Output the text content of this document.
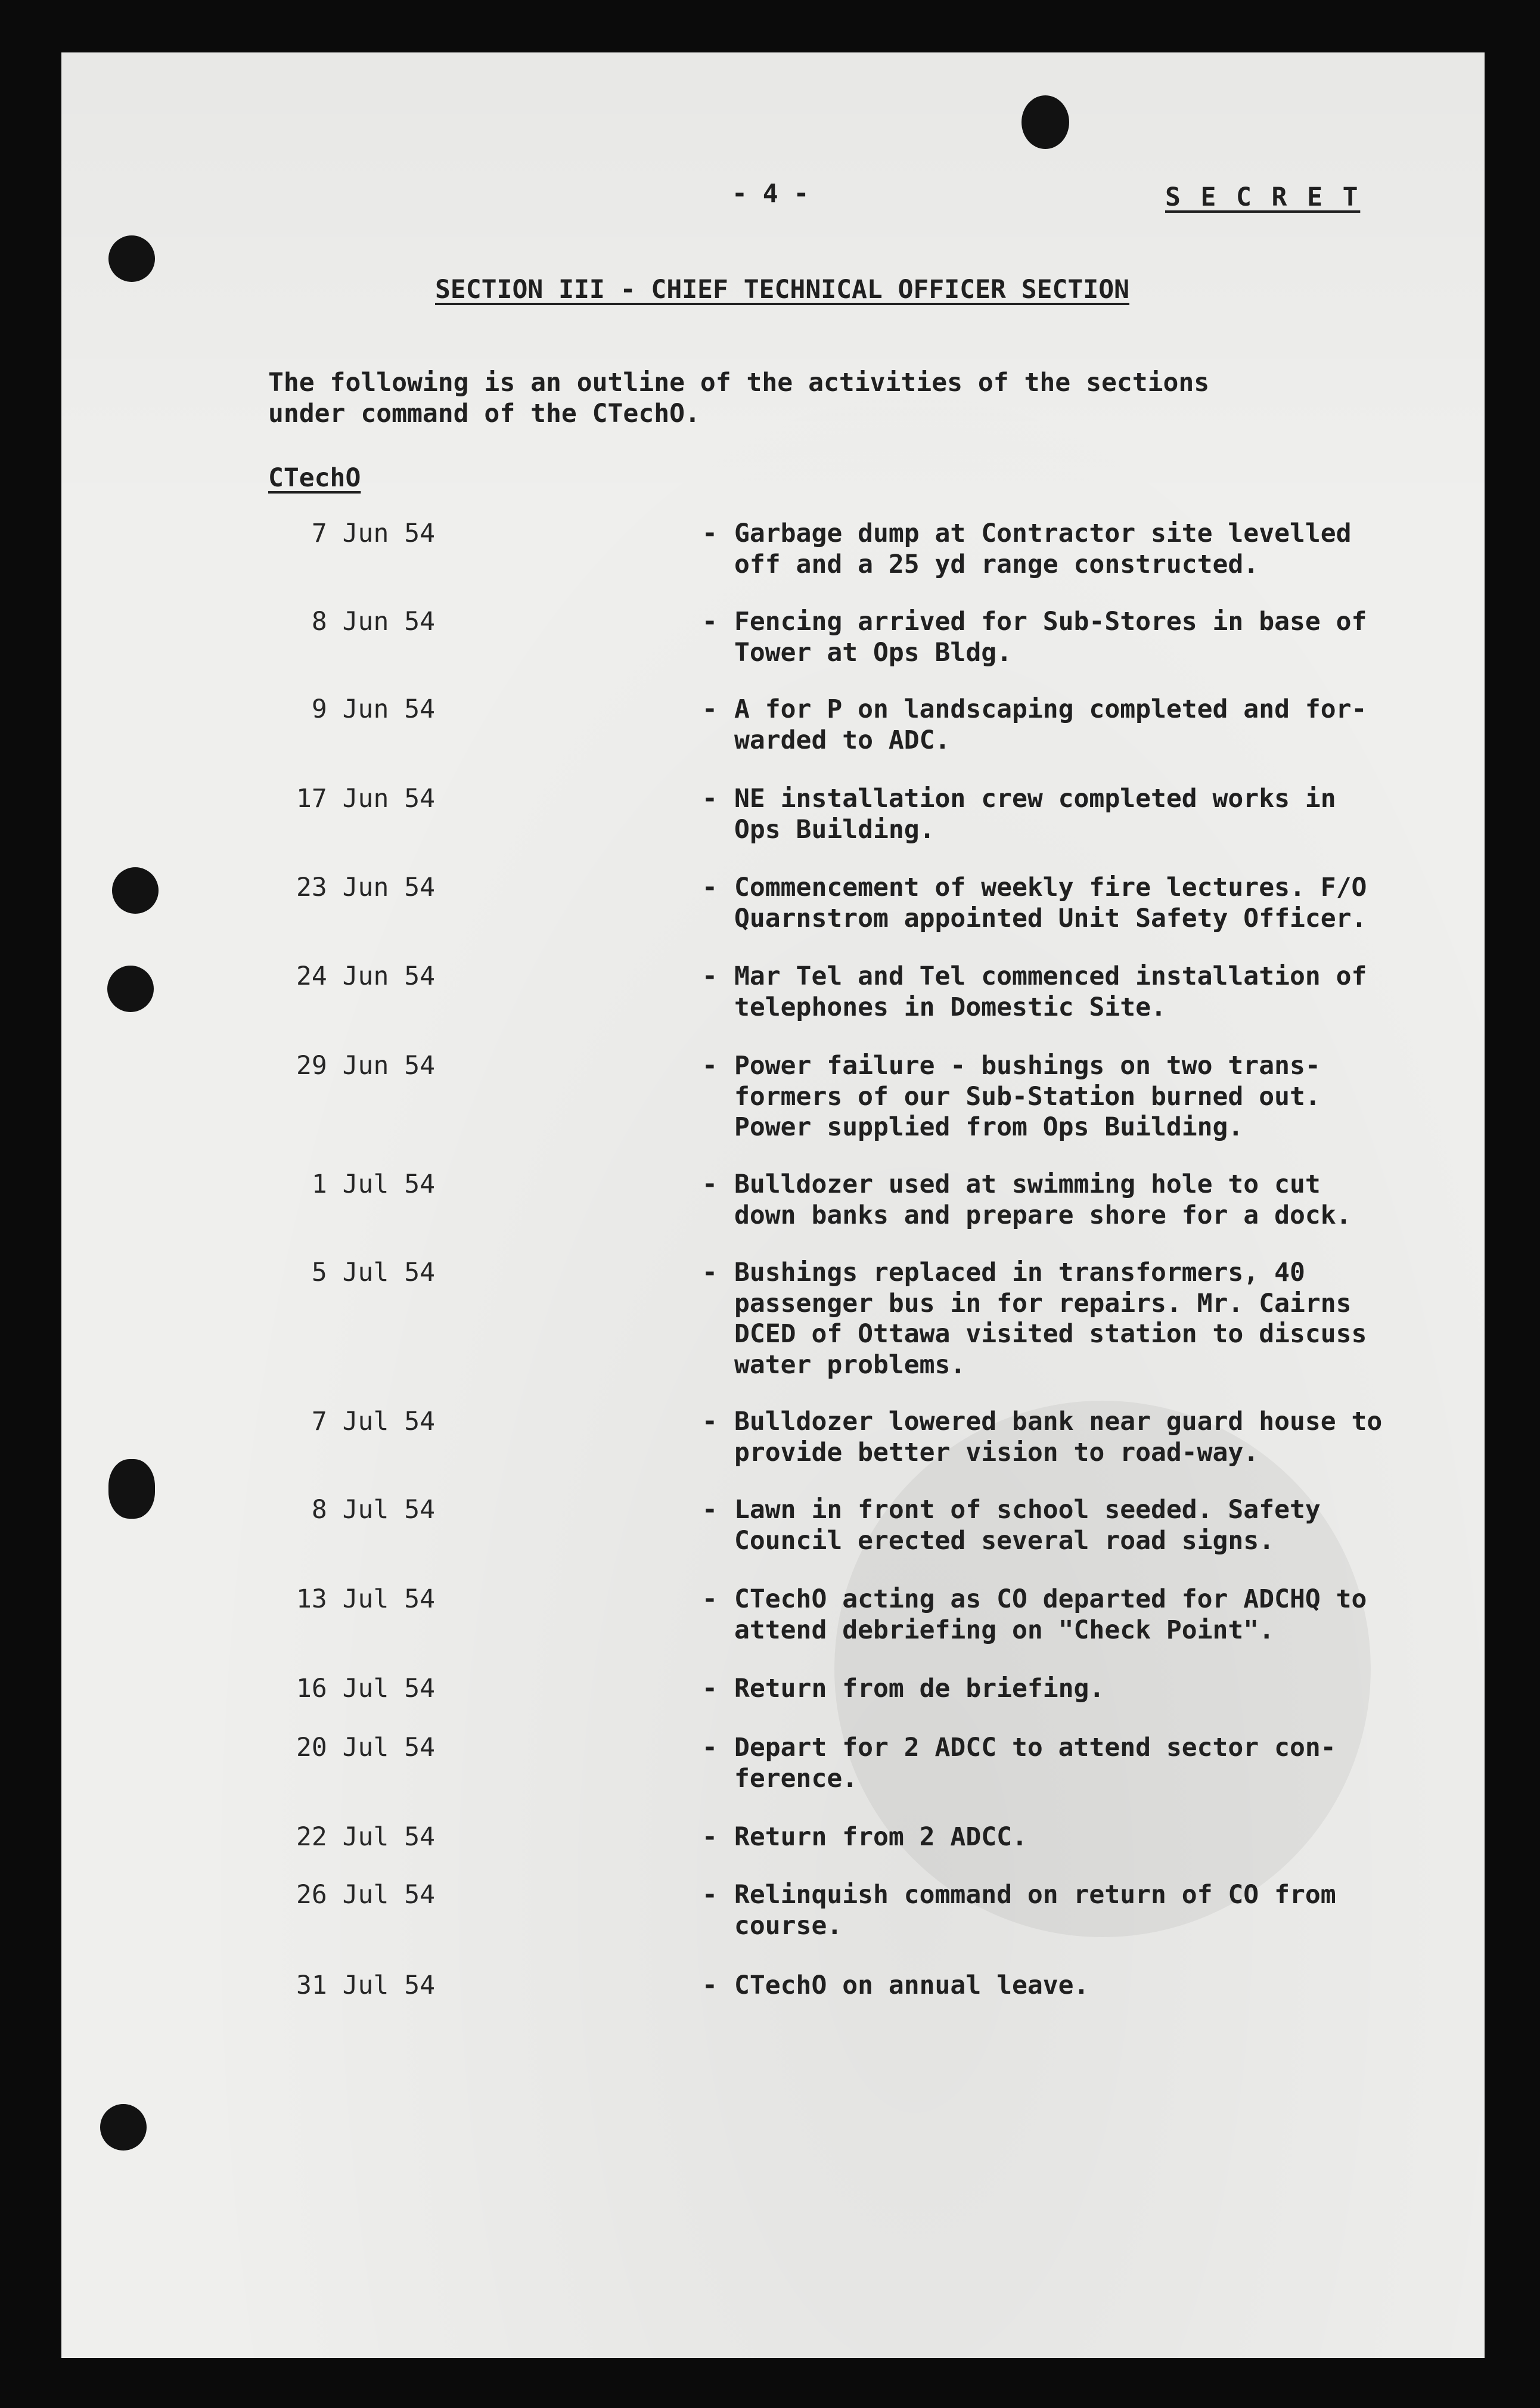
- 4 -	S E C R E T
SECTION III - CHIEF TECHNICAL OFFICER SECTION
The following is an outline of the activities of the sections
under command of the CTechO.
CTechO
7 Jun 54	- Garbage dump at Contractor site levelled
off and a 25 yd range constructed.
8 Jun 54	- Fencing arrived for Sub-Stores in base of
Tower at Ops Bldg.
9 Jun 54	- A for P on landscaping completed and for-
warded to ADC.
17 Jun 54	- NE installation crew completed works in
Ops Building.
23 Jun 54	- Commencement of weekly fire lectures. F/O
Quarnstrom appointed Unit Safety Officer.
24 Jun 54	- Mar Tel and Tel commenced installation of
telephones in Domestic Site.
29 Jun 54	- Power failure - bushings on two trans-
formers of our Sub-Station burned out.
Power supplied from Ops Building.
1 Jul 54	- Bulldozer used at swimming hole to cut
down banks and prepare shore for a dock.
5 Jul 54	- Bushings replaced in transformers, 40
passenger bus in for repairs. Mr. Cairns
DCED of Ottawa visited station to discuss
water problems.
7 Jul 54	- Bulldozer lowered bank near guard house to
provide better vision to road-way.
8 Jul 54	- Lawn in front of school seeded. Safety
Council erected several road signs.
13 Jul 54	- CTechO acting as CO departed for ADCHQ to
attend debriefing on "Check Point".
16 Jul 54	- Return from de briefing.
20 Jul 54	- Depart for 2 ADCC to attend sector con-
ference.
22 Jul 54	- Return from 2 ADCC.
26 Jul 54	- Relinquish command on return of CO from
course.
31 Jul 54	- CTechO on annual leave.
